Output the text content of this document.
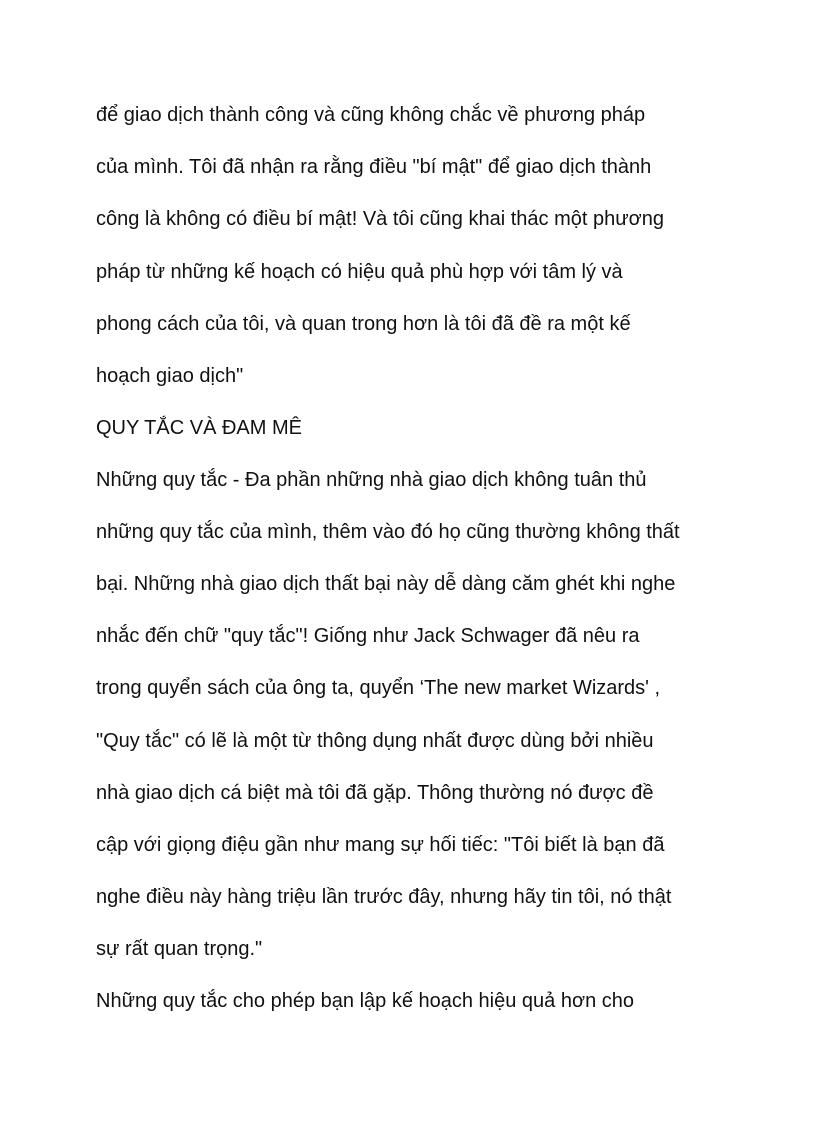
để giao dịch thành công và cũng không chắc về phương pháp
của mình. Tôi đã nhận ra rằng điều "bí mật" để giao dịch thành
công là không có điều bí mật! Và tôi cũng khai thác một phương
pháp từ những kế hoạch có hiệu quả phù hợp với tâm lý và
phong cách của tôi, và quan trong hơn là tôi đã đề ra một kế
hoạch giao dịch"
QUY TẮC VÀ ĐAM MÊ
Những quy tắc - Đa phần những nhà giao dịch không tuân thủ
những quy tắc của mình, thêm vào đó họ cũng thường không thất
bại. Những nhà giao dịch thất bại này dễ dàng căm ghét khi nghe
nhắc đến chữ "quy tắc"! Giống như Jack Schwager đã nêu ra
trong quyển sách của ông ta, quyển ‘The new market Wizards' ,
"Quy tắc" có lẽ là một từ thông dụng nhất được dùng bởi nhiều
nhà giao dịch cá biệt mà tôi đã gặp. Thông thường nó được đề
cập với giọng điệu gần như mang sự hối tiếc: "Tôi biết là bạn đã
nghe điều này hàng triệu lần trước đây, nhưng hãy tin tôi, nó thật
sự rất quan trọng."
Những quy tắc cho phép bạn lập kế hoạch hiệu quả hơn cho
